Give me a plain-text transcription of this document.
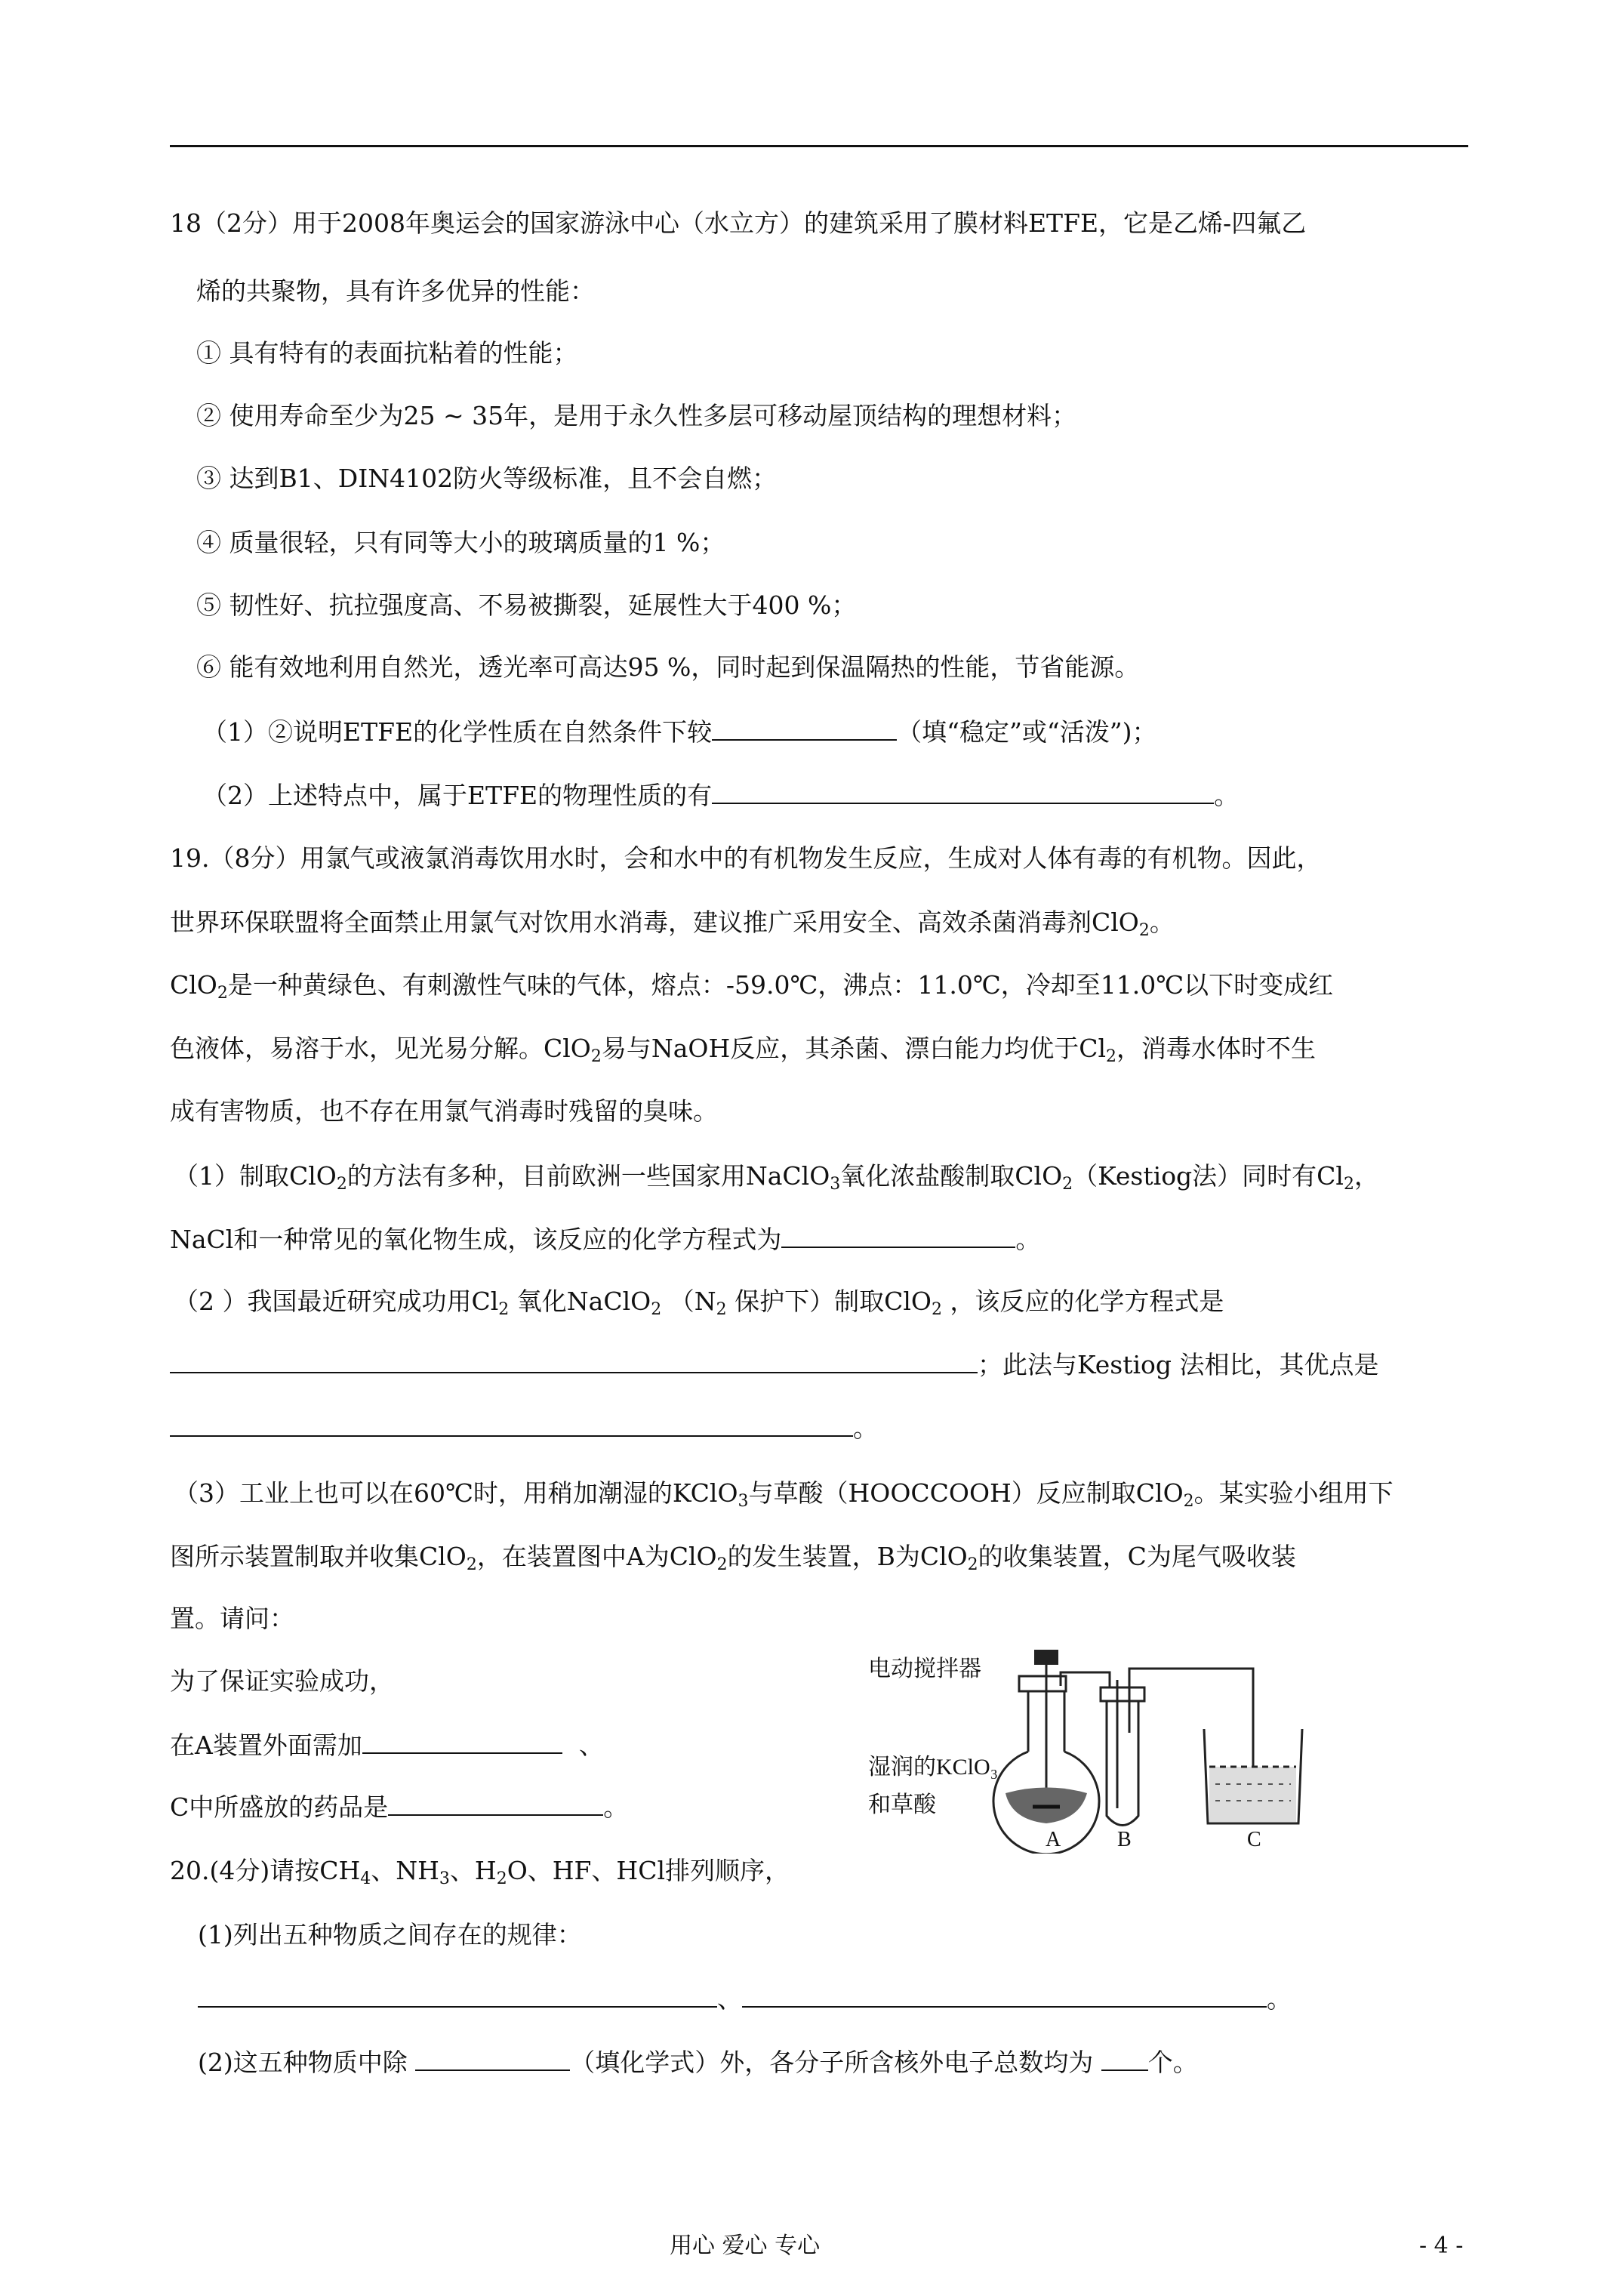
18（2分）用于2008年奥运会的国家游泳中心（水立方）的建筑采用了膜材料ETFE，它是乙烯-四氟乙
烯的共聚物，具有许多优异的性能：
① 具有特有的表面抗粘着的性能；
② 使用寿命至少为25 ~ 35年，是用于永久性多层可移动屋顶结构的理想材料；
③ 达到B1、DIN4102防火等级标准，且不会自燃；
④ 质量很轻，只有同等大小的玻璃质量的1 %；
⑤ 韧性好、抗拉强度高、不易被撕裂，延展性大于400 %；
⑥ 能有效地利用自然光，透光率可高达95 %，同时起到保温隔热的性能，节省能源。
（1）②说明ETFE的化学性质在自然条件下较	（填“稳定”或“活泼”)；
（2）上述特点中，属于ETFE的物理性质的有	。
19.（8分）用氯气或液氯消毒饮用水时，会和水中的有机物发生反应，生成对人体有毒的有机物。因此，
世界环保联盟将全面禁止用氯气对饮用水消毒，建议推广采用安全、高效杀菌消毒剂ClO$_2$。
ClO$_2$是一种黄绿色、有刺激性气味的气体，熔点：-59.0℃，沸点：11.0℃，冷却至11.0℃以下时变成红
色液体，易溶于水，见光易分解。ClO$_2$易与NaOH反应，其杀菌、漂白能力均优于$Cl_2$，消毒水体时不生
成有害物质，也不存在用氯气消毒时残留的臭味。
（1）制取ClO$_2$的方法有多种，目前欧洲一些国家用NaClO$_3$氧化浓盐酸制取ClO$_2$（Kestiog法）同时有$Cl_2$，
NaCl和一种常见的氧化物生成，该反应的化学方程式为	。
（2 ）我国最近研究成功用$Cl_2$ 氧化NaClO$_2$ （$N_2$ 保护下）制取ClO$_2$ ，该反应的化学方程式是
；此法与Kestiog 法相比，其优点是
。
（3）工业上也可以在60℃时，用稍加潮湿的KClO$_3$与草酸（HOOCCOOH）反应制取ClO$_2$。某实验小组用下
图所示装置制取并收集ClO$_2$，在装置图中A为ClO$_2$的发生装置，B为ClO$_2$的收集装置，C为尾气吸收装
置。请问：
为了保证实验成功，
在A装置外面需加	、
C中所盛放的药品是	。
电动搅拌器
湿润的KClO₃
和草酸
A	B	C
20.(4分)请按$CH_4$、$NH_3$、$H_2O$、HF、HCl排列顺序，
(1)列出五种物质之间存在的规律：
、	。
(2)这五种物质中除	（填化学式）外，各分子所含核外电子总数均为 个。
用心 爱心 专心	- 4 -
